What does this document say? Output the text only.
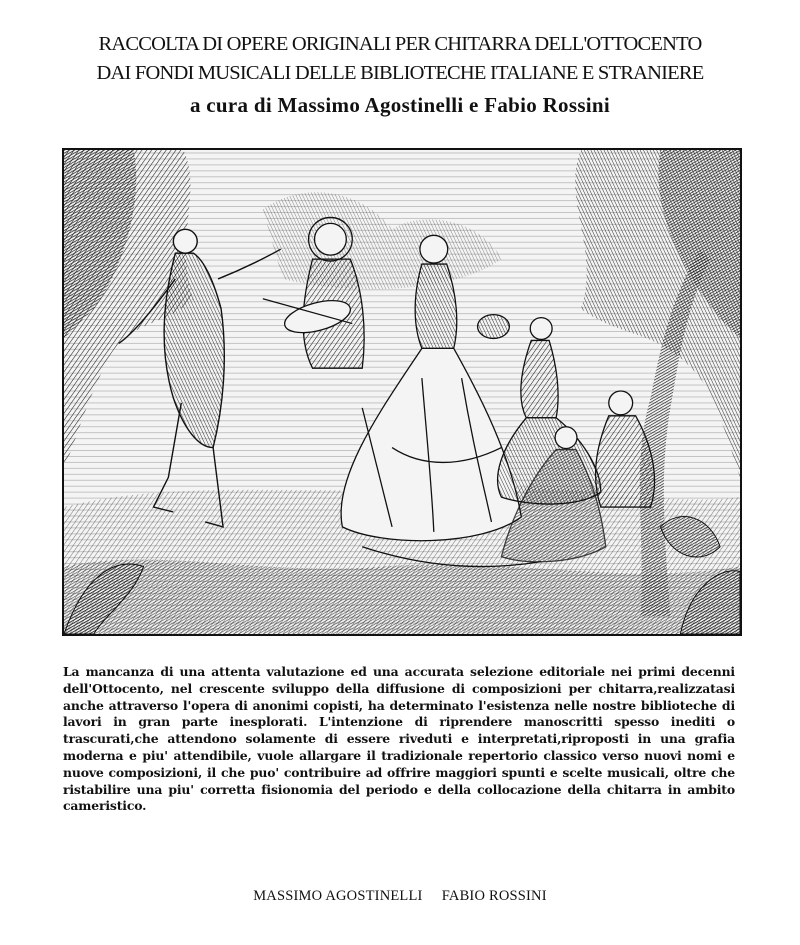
RACCOLTA DI OPERE ORIGINALI PER CHITARRA DELL'OTTOCENTO
DAI FONDI MUSICALI DELLE BIBLIOTECHE ITALIANE E STRANIERE
a cura di Massimo Agostinelli e Fabio Rossini
La mancanza di una attenta valutazione ed una accurata selezione editoriale nei primi decenni dell'Ottocento, nel crescente sviluppo della diffusione di composizioni per chitarra,realizzatasi anche attraverso l'opera di anonimi copisti, ha determinato l'esistenza nelle nostre biblioteche di lavori in gran parte inesplorati. L'intenzione di riprendere manoscritti spesso inediti o trascurati,che attendono solamente di essere riveduti e interpretati,riproposti in una grafia moderna e piu' attendibile, vuole allargare il tradizionale repertorio classico verso nuovi nomi e nuove composizioni, il che puo' contribuire ad offrire maggiori spunti e scelte musicali, oltre che ristabilire una piu' corretta fisionomia del periodo e della collocazione della chitarra in ambito cameristico.
MASSIMO AGOSTINELLI FABIO ROSSINI
